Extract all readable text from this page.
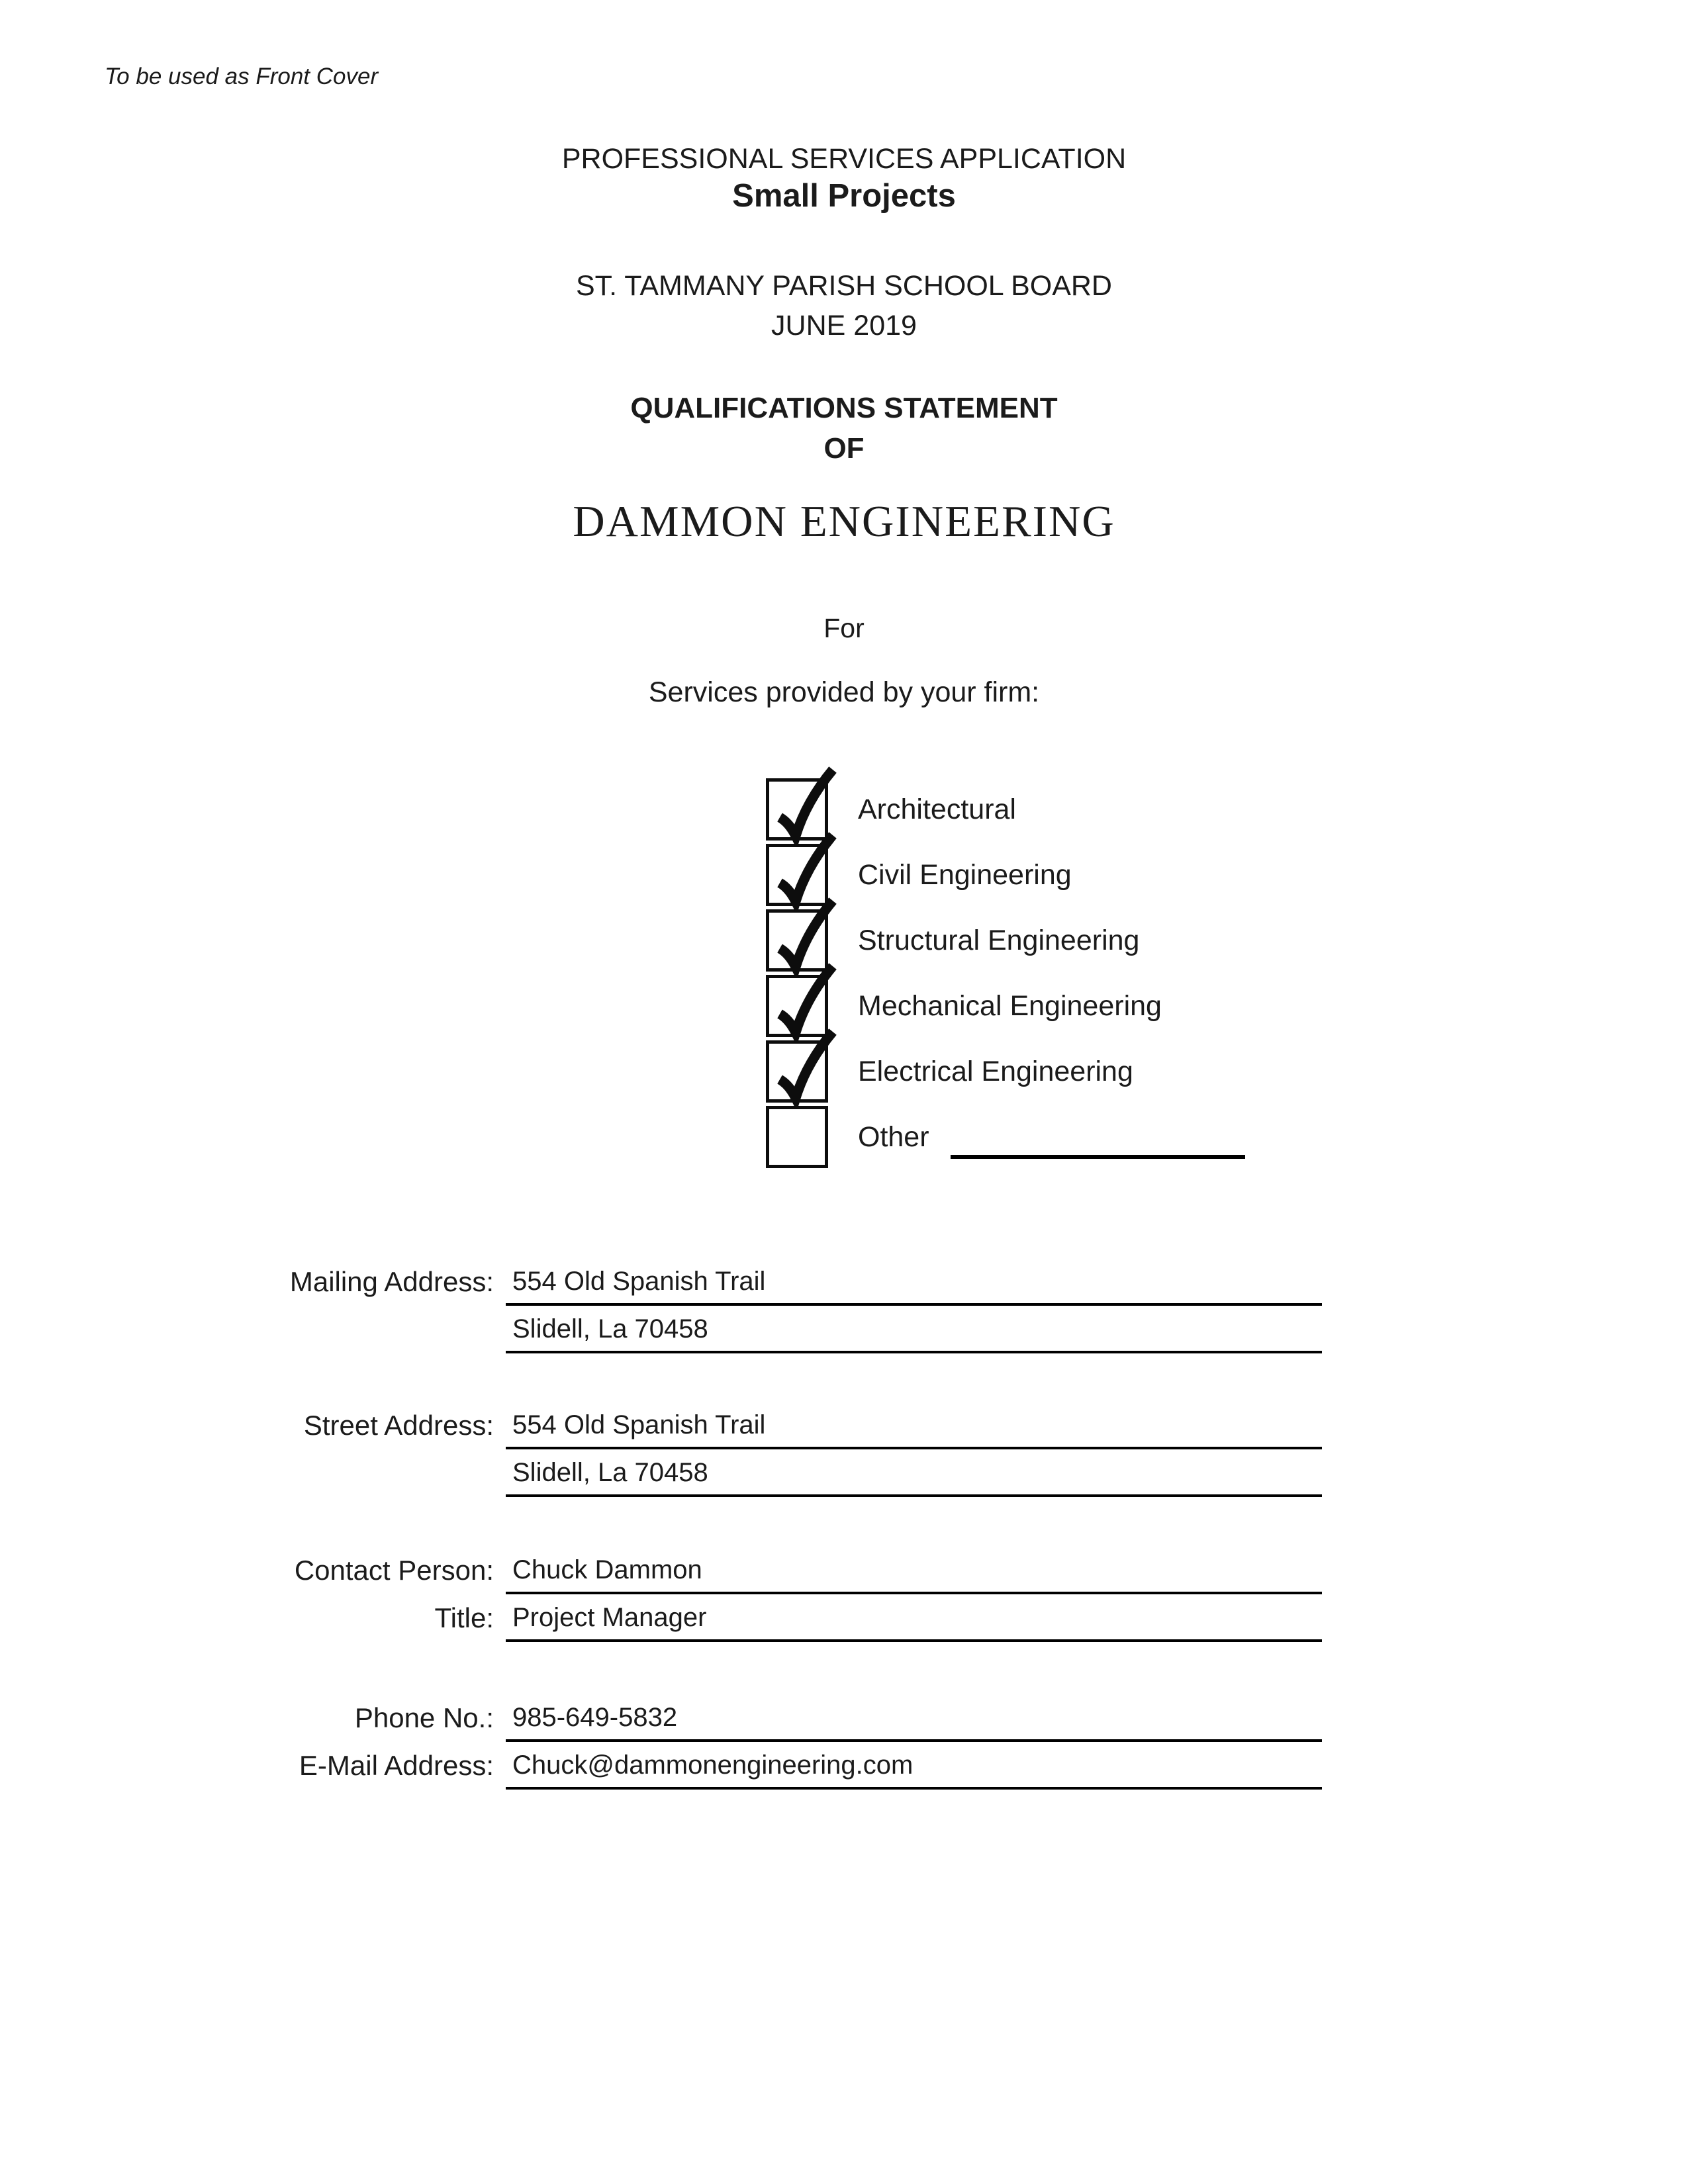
To be used as Front Cover
PROFESSIONAL SERVICES APPLICATION
Small Projects
ST. TAMMANY PARISH SCHOOL BOARD
JUNE 2019
QUALIFICATIONS STATEMENT
OF
DAMMON ENGINEERING
For
Services provided by your firm:
Architectural
Civil Engineering
Structural Engineering
Mechanical Engineering
Electrical Engineering
Other
Mailing Address: 554 Old Spanish Trail
Slidell, La 70458
Street Address: 554 Old Spanish Trail
Slidell, La 70458
Contact Person: Chuck Dammon
Title: Project Manager
Phone No.: 985-649-5832
E-Mail Address: Chuck@dammonengineering.com
